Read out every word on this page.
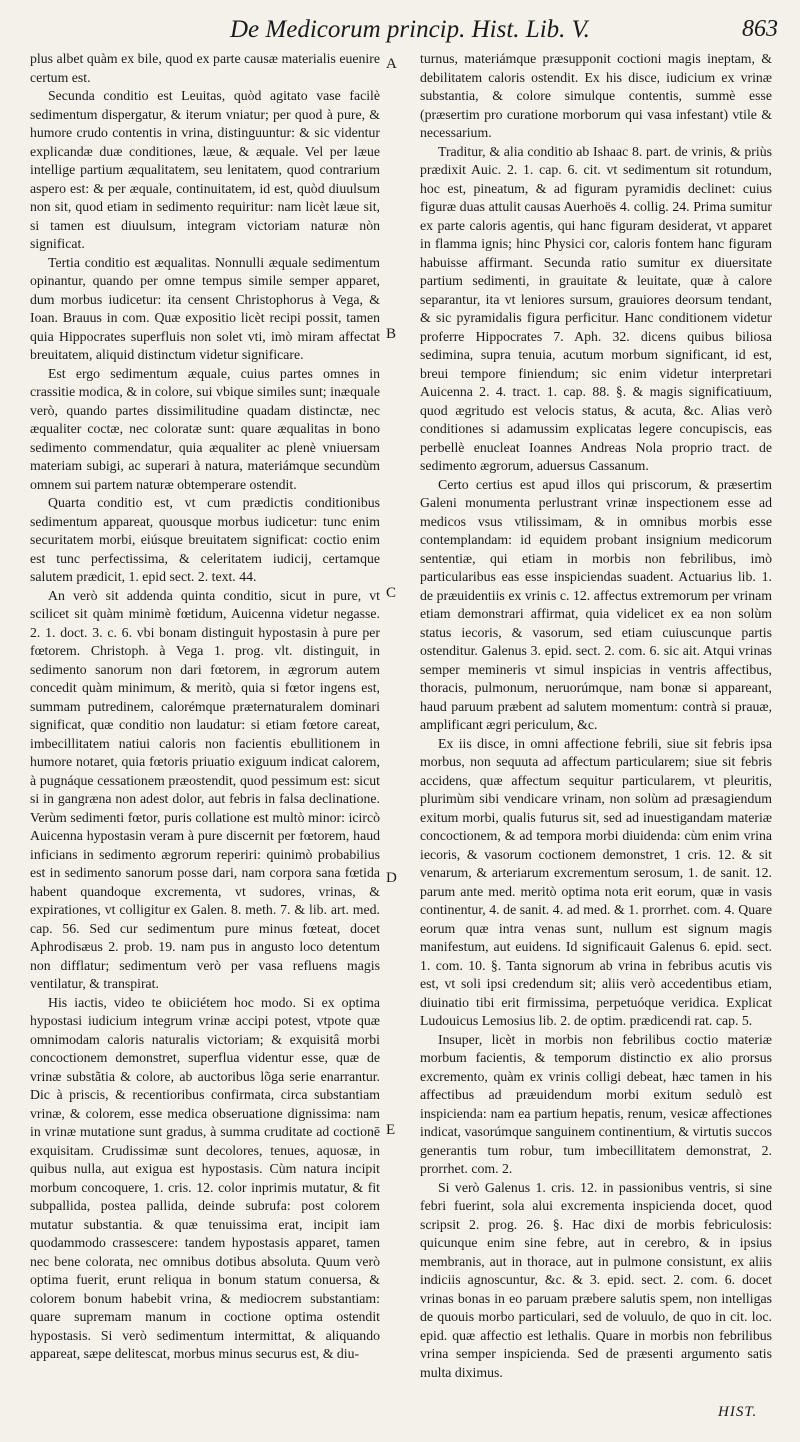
De Medicorum princip. Hist. Lib. V.	863

plus albet quàm ex bile, quod ex parte causæ materialis euenire certum est.

Secunda conditio est Leuitas, quòd agitato vase facilè sedimentum dispergatur, & iterum vniatur; per quod à pure, & humore crudo contentis in vrina, distinguuntur: & sic videntur explicandæ duæ conditiones, læue, & æquale. Vel per læue intellige partium æqualitatem, seu lenitatem, quod contrarium aspero est: & per æquale, continuitatem, id est, quòd diuulsum non sit, quod etiam in sedimento requiritur: nam licèt læue sit, si tamen est diuulsum, integram victoriam naturæ nòn significat.

Tertia conditio est æqualitas. Nonnulli æquale sedimentum opinantur, quando per omne tempus simile semper apparet, dum morbus iudicetur: ita censent Christophorus à Vega, & Ioan. Brauus in com. Quæ expositio licèt recipi possit, tamen quia Hippocrates superfluis non solet vti, imò miram affectat breuitatem, aliquid distinctum videtur significare.

Est ergo sedimentum æquale, cuius partes omnes in crassitie modica, & in colore, sui vbique similes sunt; inæquale verò, quando partes dissimilitudine quadam distinctæ, nec æqualiter coctæ, nec coloratæ sunt: quare æqualitas in bono sedimento commendatur, quia æqualiter ac plenè vniuersam materiam subigi, ac superari à natura, materiámque secundùm omnem sui partem naturæ obtemperare ostendit.

Quarta conditio est, vt cum prædictis conditionibus sedimentum appareat, quousque morbus iudicetur: tunc enim securitatem morbi, eiúsque breuitatem significat: coctio enim est tunc perfectissima, & celeritatem iudicij, certamque salutem prædicit, 1. epid sect. 2. text. 44.

An verò sit addenda quinta conditio, sicut in pure, vt scilicet sit quàm minimè fœtidum, Auicenna videtur negasse. 2. 1. doct. 3. c. 6. vbi bonam distinguit hypostasin à pure per fœtorem. Christoph. à Vega 1. prog. vlt. distinguit, in sedimento sanorum non dari fœtorem, in ægrorum autem concedit quàm minimum, & meritò, quia si fœtor ingens est, summam putredinem, calorémque præternaturalem dominari significat, quæ conditio non laudatur: si etiam fœtore careat, imbecillitatem natiui caloris non facientis ebullitionem in humore notaret, quia fœtoris priuatio exiguum indicat calorem, à pugnáque cessationem præostendit, quod pessimum est: sicut si in gangræna non adest dolor, aut febris in falsa declinatione. Verùm sedimenti fœtor, puris collatione est multò minor: icircò Auicenna hypostasin veram à pure discernit per fœtorem, haud inficians in sedimento ægrorum reperiri: quinimò probabilius est in sedimento sanorum posse dari, nam corpora sana fœtida habent quandoque excrementa, vt sudores, vrinas, & expirationes, vt colligitur ex Galen. 8. meth. 7. & lib. art. med. cap. 56. Sed cur sedimentum pure minus fœteat, docet Aphrodisæus 2. prob. 19. nam pus in angusto loco detentum non difflatur; sedimentum verò per vasa refluens magis ventilatur, & transpirat.

His iactis, video te obiiciétem hoc modo. Si ex optima hypostasi iudicium integrum vrinæ accipi potest, vtpote quæ omnimodam caloris naturalis victoriam; & exquisitâ morbi concoctionem demonstret, superflua videntur esse, quæ de vrinæ substãtia & colore, ab auctoribus lõga serie enarrantur. Dic à priscis, & recentioribus confirmata, circa substantiam vrinæ, & colorem, esse medica obseruatione dignissima: nam in vrinæ mutatione sunt gradus, à summa cruditate ad coctionē exquisitam. Crudissimæ sunt decolores, tenues, aquosæ, in quibus nulla, aut exigua est hypostasis. Cùm natura incipit morbum concoquere, 1. cris. 12. color inprimis mutatur, & fit subpallida, postea pallida, deinde subrufa: post colorem mutatur substantia. & quæ tenuissima erat, incipit iam quodammodo crassescere: tandem hypostasis apparet, tamen nec bene colorata, nec omnibus dotibus absoluta. Quum verò optima fuerit, erunt reliqua in bonum statum conuersa, & colorem bonum habebit vrina, & mediocrem substantiam: quare supremam manum in coctione optima ostendit hypostasis. Si verò sedimentum intermittat, & aliquando appareat, sæpe delitescat, morbus minus securus est, & diu-

A
B
C
D
E

turnus, materiámque præsupponit coctioni magis ineptam, & debilitatem caloris ostendit. Ex his disce, iudicium ex vrinæ substantia, & colore simulque contentis, summè esse (præsertim pro curatione morborum qui vasa infestant) vtile & necessarium.

Traditur, & alia conditio ab Ishaac 8. part. de vrinis, & priùs prædixit Auic. 2. 1. cap. 6. cit. vt sedimentum sit rotundum, hoc est, pineatum, & ad figuram pyramidis declinet: cuius figuræ duas attulit causas Auerhoës 4. collig. 24. Prima sumitur ex parte caloris agentis, qui hanc figuram desiderat, vt apparet in flamma ignis; hinc Physici cor, caloris fontem hanc figuram habuisse affirmant. Secunda ratio sumitur ex diuersitate partium sedimenti, in grauitate & leuitate, quæ à calore separantur, ita vt leniores sursum, grauiores deorsum tendant, & sic pyramidalis figura perficitur. Hanc conditionem videtur proferre Hippocrates 7. Aph. 32. dicens quibus biliosa sedimina, supra tenuia, acutum morbum significant, id est, breui tempore finiendum; sic enim videtur interpretari Auicenna 2. 4. tract. 1. cap. 88. §. & magis significatiuum, quod ægritudo est velocis status, & acuta, &c. Alias verò conditiones si adamussim explicatas legere concupiscis, eas perbellè enucleat Ioannes Andreas Nola proprio tract. de sedimento ægrorum, aduersus Cassanum.

Certo certius est apud illos qui priscorum, & præsertim Galeni monumenta perlustrant vrinæ inspectionem esse ad medicos vsus vtilissimam, & in omnibus morbis esse contemplandam: id equidem probant insignium medicorum sententiæ, qui etiam in morbis non febrilibus, imò particularibus eas esse inspiciendas suadent. Actuarius lib. 1. de præuidentiis ex vrinis c. 12. affectus extremorum per vrinam etiam demonstrari affirmat, quia videlicet ex ea non solùm status iecoris, & vasorum, sed etiam cuiuscunque partis ostenditur. Galenus 3. epid. sect. 2. com. 6. sic ait. Atqui vrinas semper memineris vt simul inspicias in ventris affectibus, thoracis, pulmonum, neruorúmque, nam bonæ si appareant, haud paruum præbent ad salutem momentum: contrà si prauæ, amplificant ægri periculum, &c.

Ex iis disce, in omni affectione febrili, siue sit febris ipsa morbus, non sequuta ad affectum particularem; siue sit febris accidens, quæ affectum sequitur particularem, vt pleuritis, plurimùm sibi vendicare vrinam, non solùm ad præsagiendum exitum morbi, qualis futurus sit, sed ad inuestigandam materiæ concoctionem, & ad tempora morbi diuidenda: cùm enim vrina iecoris, & vasorum coctionem demonstret, 1 cris. 12. & sit venarum, & arteriarum excrementum serosum, 1. de sanit. 12. parum ante med. meritò optima nota erit eorum, quæ in vasis continentur, 4. de sanit. 4. ad med. & 1. prorrhet. com. 4. Quare eorum quæ intra venas sunt, nullum est signum magis manifestum, aut euidens. Id significauit Galenus 6. epid. sect. 1. com. 10. §. Tanta signorum ab vrina in febribus acutis vis est, vt soli ipsi credendum sit; aliis verò accedentibus etiam, diuinatio tibi erit firmissima, perpetuóque veridica. Explicat Ludouicus Lemosius lib. 2. de optim. prædicendi rat. cap. 5.

Insuper, licèt in morbis non febrilibus coctio materiæ morbum facientis, & temporum distinctio ex alio prorsus excremento, quàm ex vrinis colligi debeat, hæc tamen in his affectibus ad præuidendum morbi exitum sedulò est inspicienda: nam ea partium hepatis, renum, vesicæ affectiones indicat, vasorúmque sanguinem continentium, & virtutis succos generantis tum robur, tum imbecillitatem demonstrat, 2. prorrhet. com. 2.

Si verò Galenus 1. cris. 12. in passionibus ventris, si sine febri fuerint, sola alui excrementa inspicienda docet, quod scripsit 2. prog. 26. §. Hac dixi de morbis febriculosis: quicunque enim sine febre, aut in cerebro, & in ipsius membranis, aut in thorace, aut in pulmone consistunt, ex aliis indiciis agnoscuntur, &c. & 3. epid. sect. 2. com. 6. docet vrinas bonas in eo paruam præbere salutis spem, non intelligas de quouis morbo particulari, sed de voluulo, de quo in cit. loc. epid. quæ affectio est lethalis. Quare in morbis non febrilibus vrina semper inspicienda. Sed de præsenti argumento satis multa diximus.

HIST.
